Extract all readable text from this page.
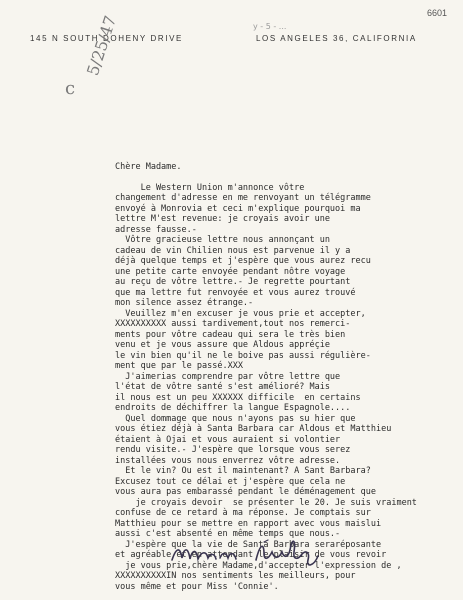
6601
y - 5 - ...
145 N SOUTH DOHENY DRIVE	LOS ANGELES 36, CALIFORNIA
c
5/25/47
Chère Madame.
Le Western Union m'annonce vôtre
changement d'adresse en me renvoyant un télégramme
envoyé à Monrovia et ceci m'explique pourquoi ma
lettre M'est revenue: je croyais avoir une
adresse fausse.-
Vôtre gracieuse lettre nous annonçant un
cadeau de vin Chilien nous est parvenue il y a
déjà quelque temps et j'espère que vous aurez recu
une petite carte envoyée pendant nôtre voyage
au reçu de vôtre lettre.- Je regrette pourtant
que ma lettre fut renvoyée et vous aurez trouvé
mon silence assez étrange.-
Veuillez m'en excuser je vous prie et accepter,
XXXXXXXXXX aussi tardivement,tout nos remerci-
ments pour vôtre cadeau qui sera le très bien
venu et je vous assure que Aldous appréçie
le vin bien qu'il ne le boive pas aussi régulière-
ment que par le passé.XXX
J'aimerias comprendre par vôtre lettre que
l'état de vôtre santé s'est amélioré? Mais
il nous est un peu XXXXXX difficile  en certains
endroits de déchiffrer la langue Espagnole....
Quel dommage que nous n'ayons pas su hier que
vous étiez déjà à Santa Barbara car Aldous et Matthieu
étaient à Ojai et vous auraient si volontier
rendu visite.- J'espère que lorsque vous serez
installées vous nous enverrez vôtre adresse.
Et le vin? Ou est il maintenant? A Sant Barbara?
Excusez tout ce délai et j'espère que cela ne
vous aura pas embarassé pendant le déménagement que
je croyais devoir  se présenter le 20. Je suis vraiment
confuse de ce retard à ma réponse. Je comptais sur
Matthieu pour se mettre en rapport avec vous maislui
aussi c'est absenté en même temps que nous.-
J'espère que la vie de Santa Barbara seraréposante
et agréable et en attendant le plaisir de vous revoir
je vous prie,chère Madame,d'accepter l'expression de ,
XXXXXXXXXXIN nos sentiments les meilleurs, pour
vous même et pour Miss 'Connie'.
